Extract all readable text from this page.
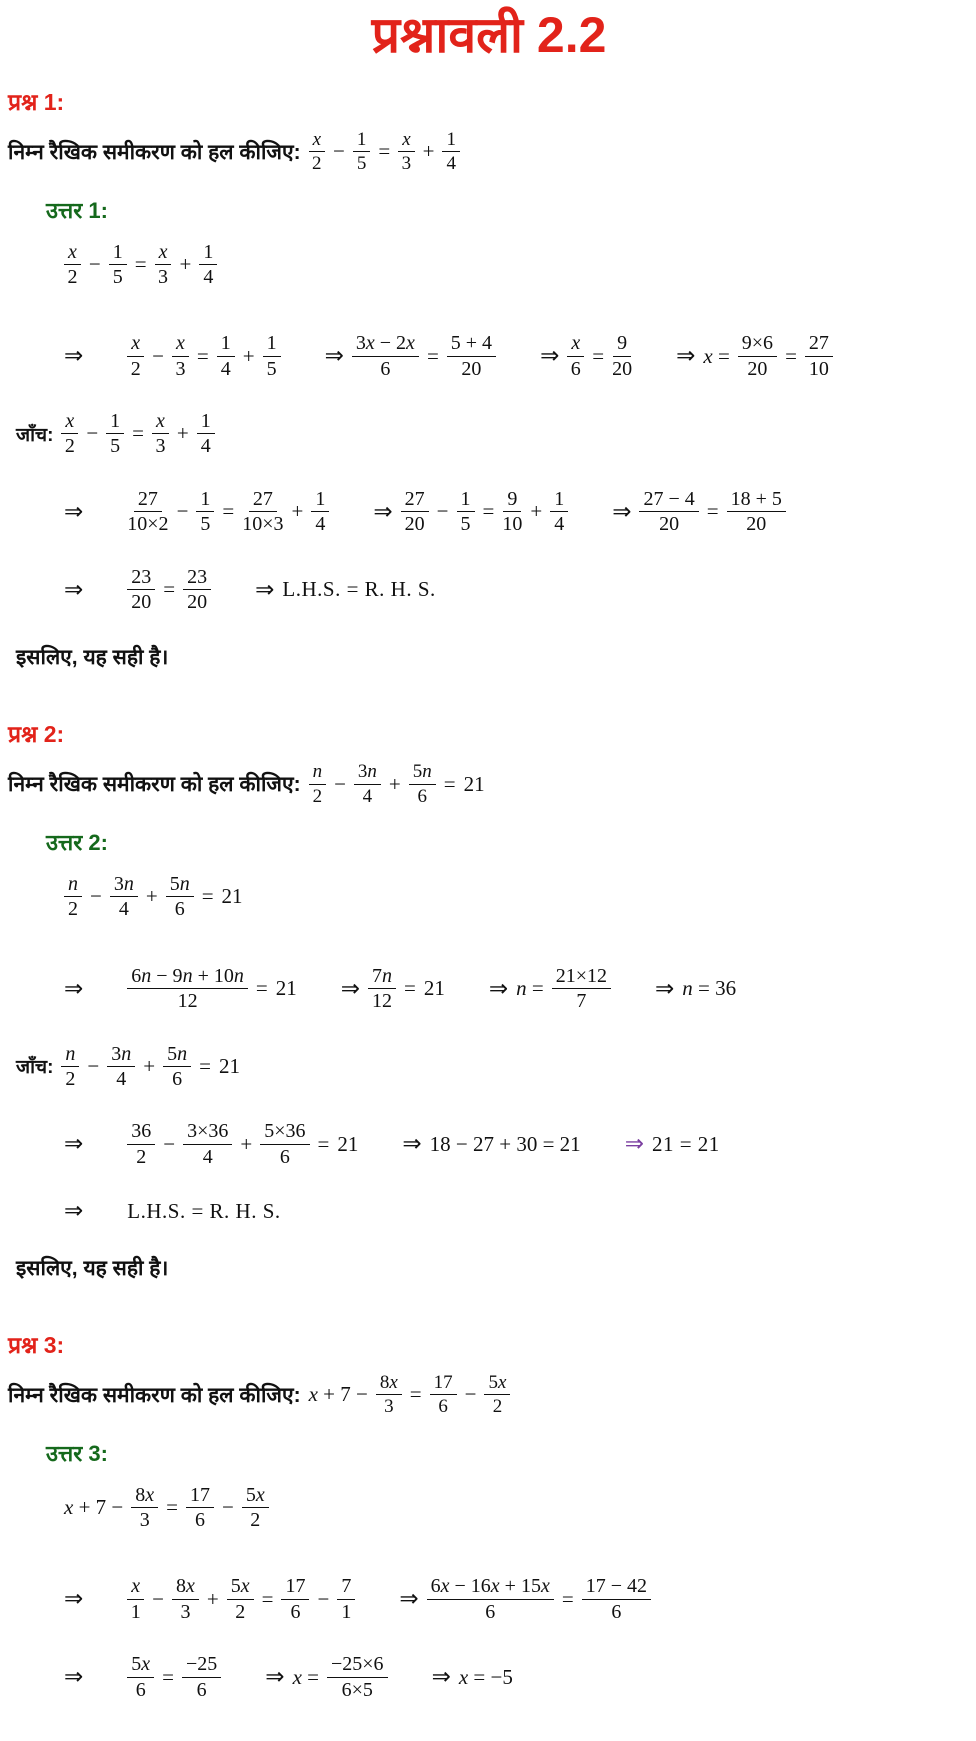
प्रश्नावली 2.2
प्रश्न 1:
निम्न रैखिक समीकरण को हल कीजिए: $\frac{x}{2} - \frac{1}{5} = \frac{x}{3} + \frac{1}{4}$
उत्तर 1:
$\frac{x}{2} - \frac{1}{5} = \frac{x}{3} + \frac{1}{4}$
⇒ $\frac{x}{2} - \frac{x}{3} = \frac{1}{4} + \frac{1}{5}$ ⇒ $\frac{3x - 2x}{6} = \frac{5 + 4}{20}$ ⇒ $\frac{x}{6} = \frac{9}{20}$ ⇒ $x = \frac{9\times 6}{20} = \frac{27}{10}$
जाँच: $\frac{x}{2} - \frac{1}{5} = \frac{x}{3} + \frac{1}{4}$
⇒ $\frac{27}{10\times 2} - \frac{1}{5} = \frac{27}{10\times 3} + \frac{1}{4}$ ⇒ $\frac{27}{20} - \frac{1}{5} = \frac{9}{10} + \frac{1}{4}$ ⇒ $\frac{27 - 4}{20} = \frac{18 + 5}{20}$
⇒ $\frac{23}{20} = \frac{23}{20}$ ⇒ L.H.S. = R. H. S.
इसलिए, यह सही है।
प्रश्न 2:
निम्न रैखिक समीकरण को हल कीजिए: $\frac{n}{2} - \frac{3n}{4} + \frac{5n}{6} = 21$
उत्तर 2:
$\frac{n}{2} - \frac{3n}{4} + \frac{5n}{6} = 21$
⇒ $\frac{6n - 9n + 10n}{12} = 21$ ⇒ $\frac{7n}{12} = 21$ ⇒ $n = \frac{21\times 12}{7}$ ⇒ n = 36
जाँच: $\frac{n}{2} - \frac{3n}{4} + \frac{5n}{6} = 21$
⇒ $\frac{36}{2} - \frac{3\times 36}{4} + \frac{5\times 36}{6} = 21$ ⇒ 18 − 27 + 30 = 21 ⇒ 21 = 21
⇒ L.H.S. = R. H. S.
इसलिए, यह सही है।
प्रश्न 3:
निम्न रैखिक समीकरण को हल कीजिए: $x + 7 - \frac{8x}{3} = \frac{17}{6} - \frac{5x}{2}$
उत्तर 3:
$x + 7 - \frac{8x}{3} = \frac{17}{6} - \frac{5x}{2}$
⇒ $\frac{x}{1} - \frac{8x}{3} + \frac{5x}{2} = \frac{17}{6} - \frac{7}{1}$ ⇒ $\frac{6x - 16x + 15x}{6} = \frac{17 - 42}{6}$
⇒ $\frac{5x}{6} = \frac{-25}{6}$ ⇒ $x = \frac{-25\times 6}{6\times 5}$ ⇒ x = −5
